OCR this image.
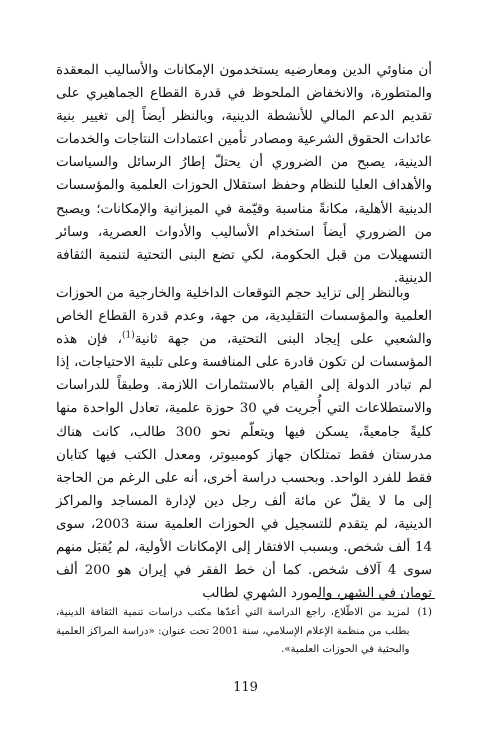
أن مناوئي الدين ومعارضيه يستخدمون الإمكانات والأساليب المعقدة والمتطورة، والانخفاض الملحوظ في قدرة القطاع الجماهيري على تقديم الدعم المالي للأنشطة الدينية، وبالنظر أيضاً إلى تغيير بنية عائدات الحقوق الشرعية ومصادر تأمين اعتمادات النتاجات والخدمات الدينية، يصبح من الضروري أن يحتلّ إطارُ الرسائل والسياسات والأهداف العليا للنظام وحفظ استقلال الحوزات العلمية والمؤسسات الدينية الأهلية، مكانةً مناسبة وقيّمة في الميزانية والإمكانات؛ ويصبح من الضروري أيضاً استخدام الأساليب والأدوات العصرية، وسائر التسهيلات من قبل الحكومة، لكي تضع البنى التحتية لتنمية الثقافة الدينية.

وبالنظر إلى تزايد حجم التوقعات الداخلية والخارجية من الحوزات العلمية والمؤسسات التقليدية، من جهة، وعدم قدرة القطاع الخاص والشعبي على إيجاد البنى التحتية، من جهة ثانية$^{(1)}$، فإن هذه المؤسسات لن تكون قادرة على المنافسة وعلى تلبية الاحتياجات، إذا لم تبادر الدولة إلى القيام بالاستثمارات اللازمة. وطبقاً للدراسات والاستطلاعات التي أُجريت في 30 حوزة علمية، تعادل الواحدة منها كليةً جامعيةً، يسكن فيها ويتعلّم نحو 300 طالب، كانت هناك مدرستان فقط تمتلكان جهاز كومبيوتر، ومعدل الكتب فيها كتابان فقط للفرد الواحد. وبحسب دراسة أخرى، أنه على الرغم من الحاجة إلى ما لا يقلّ عن مائة ألف رجل دين لإدارة المساجد والمراكز الدينية، لم يتقدم للتسجيل في الحوزات العلمية سنة 2003، سوى 14 ألف شخص. وبسبب الافتقار إلى الإمكانات الأولية، لم يُقبَل منهم سوى 4 آلاف شخص. كما أن خط الفقر في إيران هو 200 ألف تومان في الشهر، والمورد الشهري لطالب

(1)
لمزيد من الاطّلاع، راجع الدراسة التي أعدّها مكتب دراسات تنمية الثقافة الدينية، بطلب من منظمة الإعلام الإسلامي، سنة 2001 تحت عنوان: «دراسة المراكز العلمية والبحثية في الحوزات العلمية».
119
